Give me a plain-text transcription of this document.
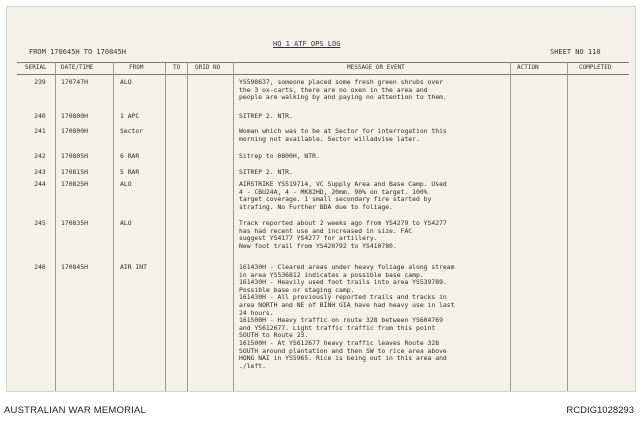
HQ 1 ATF OPS LOG
FROM 170645H TO 170845H	SHEET NO 110
SERIAL DATE/TIME	FROM	TO GRID NO	MESSAGE OR EVENT	ACTION	COMPLETED
239	170747H	ALO	YS598637, someone placed some fresh green shrubs over
the 3 ox-carts, there are no oxen in the area and
people are walking by and paying no attention to them.
240	170800H	1 APC	SITREP 2. NTR.
241	170800H	Sector	Woman which was to be at Sector for interrogation this
morning not available. Sector willadvise later.
242	170805H	6 RAR	Sitrep to 0800H, NTR.
243	170815H	5 RAR	SITREP 2. NTR.
244	170825H	ALO	AIRSTRIKE YS519714, VC Supply Area and Base Camp. Used
4 - CBU24A, 4 - MK82HD, 20mm. 90% on target. 100%
target coverage. 1 small secondary fire started by
strafing. No Further BDA due to foliage.
245	170835H	ALO	Track reported about 2 weeks ago from YS4279 to YS4277
has had recent use and increased in size. FAC
suggest YS4177 YS4277 for artillery.
New foot trail from YS420792 to YS410780.
246	170845H	AIR INT	161430H - Cleared areas under heavy foliage along stream
in area YS536812 indicates a possible base camp.
161430H - Heavily used foot trails into area YS539789.
Possible base or staging camp.
161430H - All previously reported trails and tracks in
area NORTH and NE of BINH GIA have had heavy use in last
24 hours.
161500H - Heavy traffic on route 328 between YS604769
and YS612677. Light traffic traffic from this point
SOUTH to Route 23.
161500H - At YS612677 heavy traffic leaves Route 328
SOUTH around plantation and then SW to rice area above
HONG NAI in YS5965. Rice is being out in this area and
./left.
AUSTRALIAN WAR MEMORIAL	RCDIG1028293
